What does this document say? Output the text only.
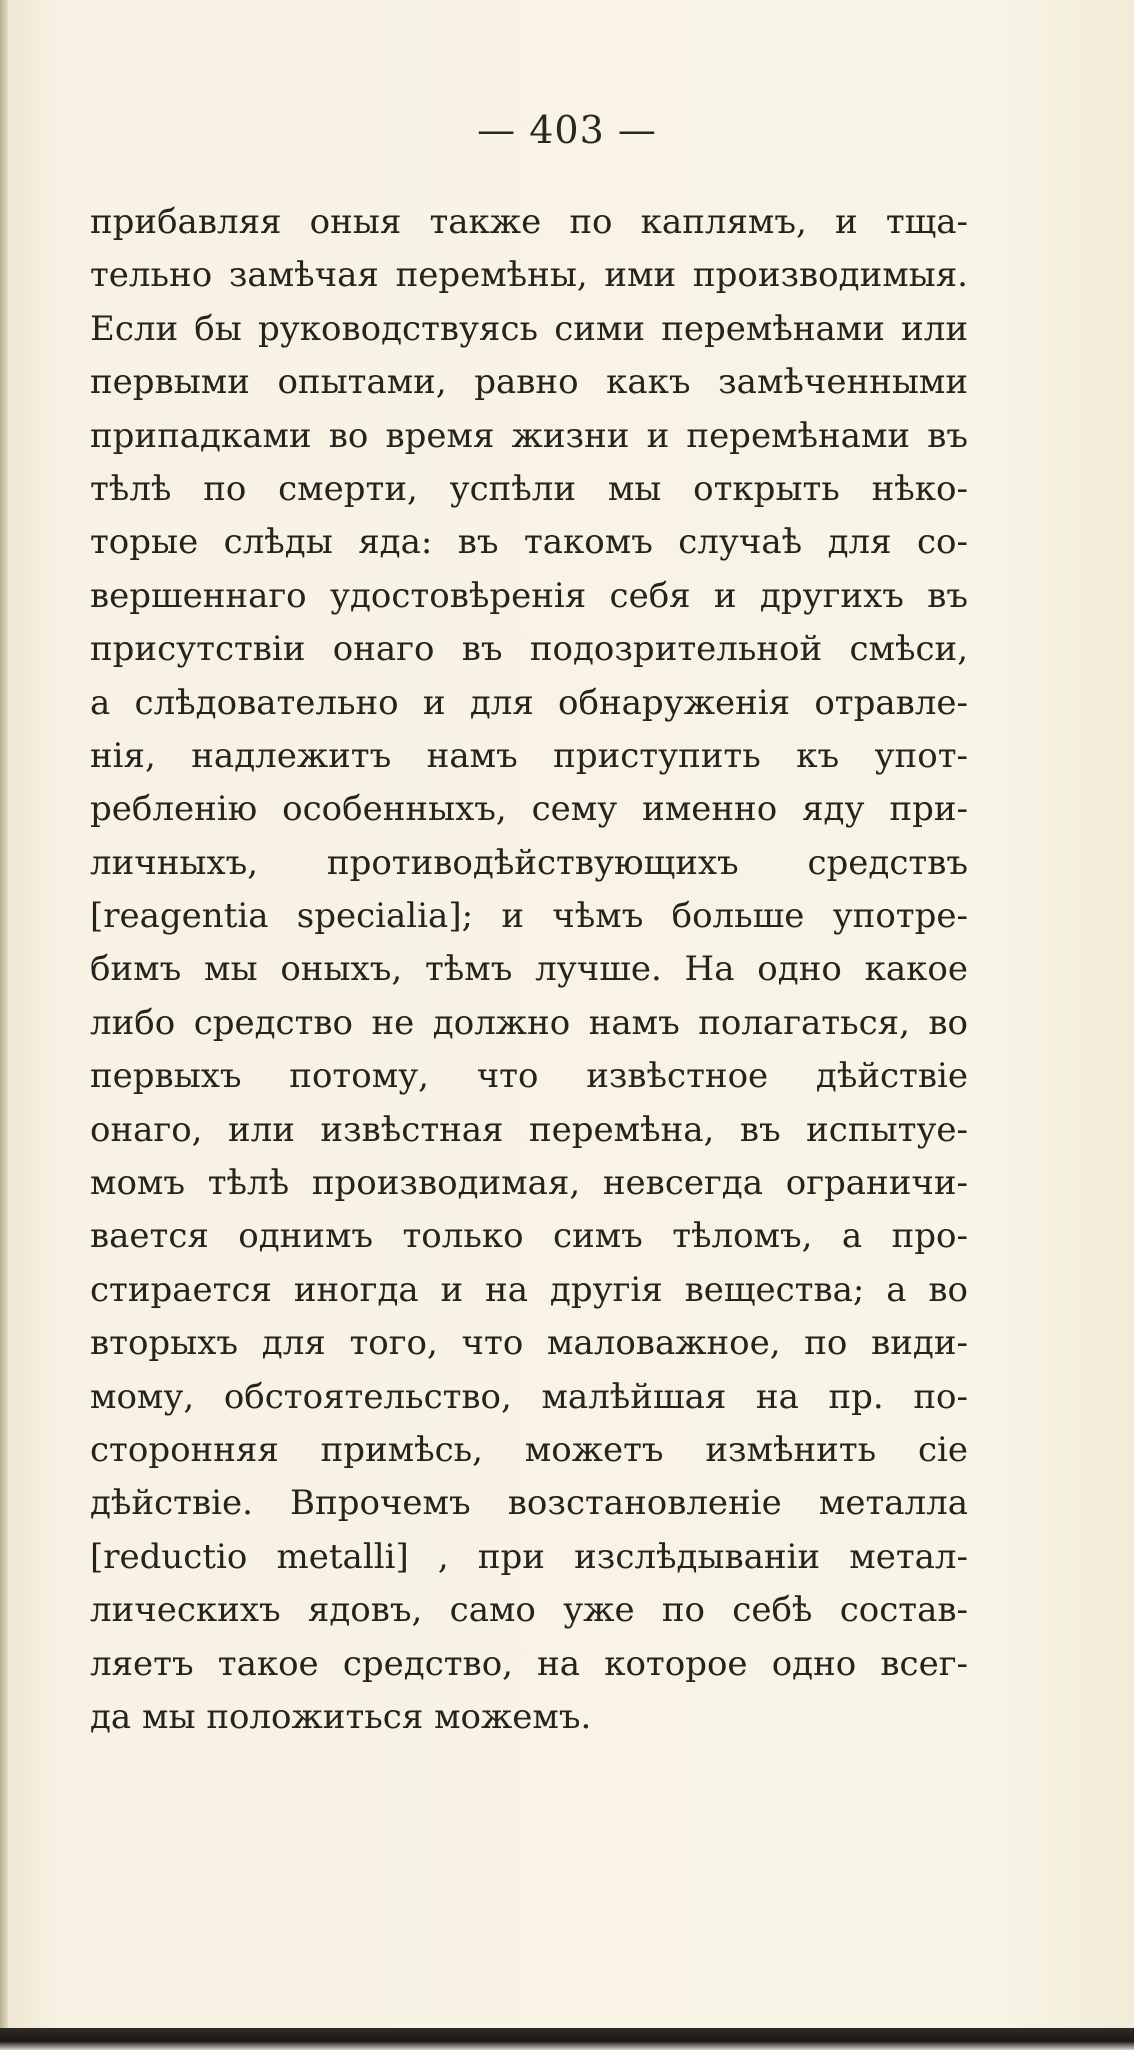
— 403 —
прибавляя оныя также по каплямъ, и тща-
тельно замѣчая перемѣны, ими производимыя.
Если бы руководствуясь сими перемѣнами или
первыми опытами, равно какъ замѣченными
припадками во время жизни и перемѣнами въ
тѣлѣ по смерти, успѣли мы открыть нѣко-
торые слѣды яда: въ такомъ случаѣ для со-
вершеннаго удостовѣренія себя и другихъ въ
присутствіи онаго въ подозрительной смѣси,
а слѣдовательно и для обнаруженія отравле-
нія, надлежитъ намъ приступить къ упот-
ребленію особенныхъ, сему именно яду при-
личныхъ, противодѣйствующихъ средствъ
[reagentia specialia]; и чѣмъ больше употре-
бимъ мы оныхъ, тѣмъ лучше. На одно какое
либо средство не должно намъ полагаться, во
первыхъ потому, что извѣстное дѣйствіе
онаго, или извѣстная перемѣна, въ испытуе-
момъ тѣлѣ производимая, невсегда ограничи-
вается однимъ только симъ тѣломъ, а про-
стирается иногда и на другія вещества; а во
вторыхъ для того, что маловажное, по види-
мому, обстоятельство, малѣйшая на пр. по-
сторонняя примѣсь, можетъ измѣнить сіе
дѣйствіе. Впрочемъ возстановленіе металла
[reductio metalli] , при изслѣдываніи метал-
лическихъ ядовъ, само уже по себѣ состав-
ляетъ такое средство, на которое одно всег-
да мы положиться можемъ.
